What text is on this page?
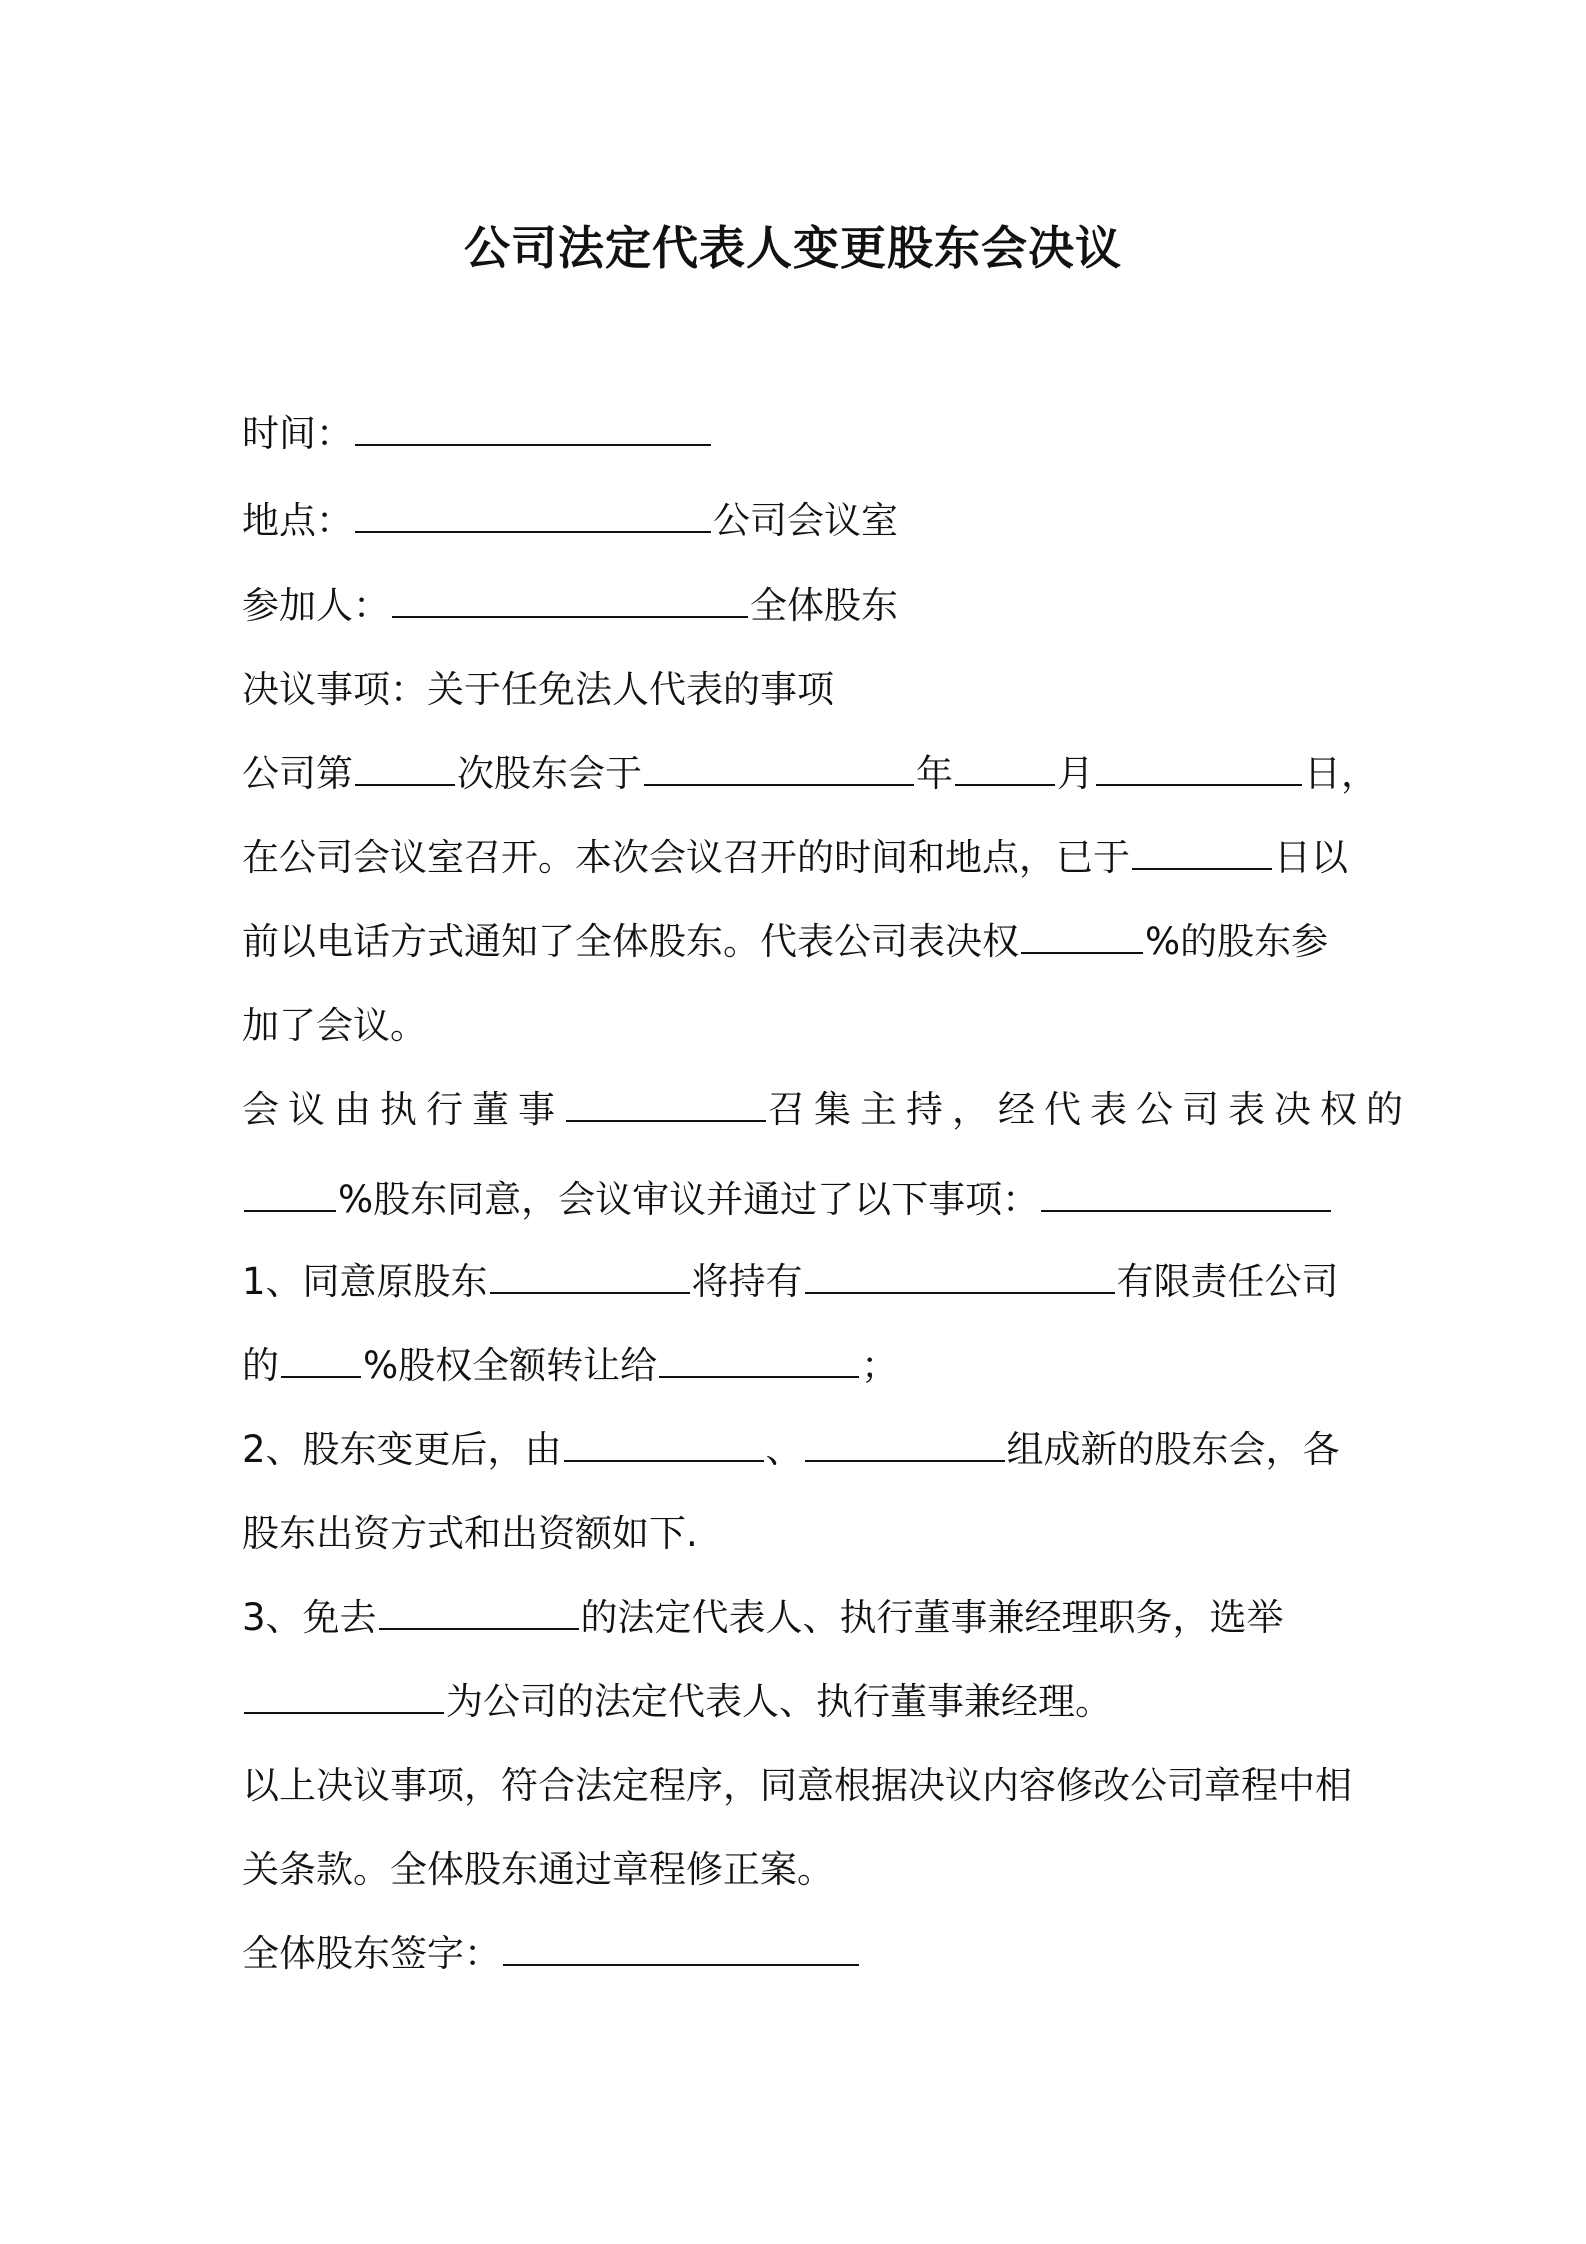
公司法定代表人变更股东会决议
时间：
地点：	公司会议室
参加人：	全体股东
决议事项：关于任免法人代表的事项
公司第	次股东会于	年	月	日，
在公司会议室召开。本次会议召开的时间和地点，已于	日以
前以电话方式通知了全体股东。代表公司表决权	%的股东参
加了会议。
会议由执行董事	召集主持，经代表公司表决权的
%股东同意，会议审议并通过了以下事项：
1、同意原股东	将持有	有限责任公司
的 %股权全额转让给	；
2、股东变更后，由	、	组成新的股东会，各
股东出资方式和出资额如下.
3、免去	的法定代表人、执行董事兼经理职务，选举
为公司的法定代表人、执行董事兼经理。
以上决议事项，符合法定程序，同意根据决议内容修改公司章程中相
关条款。全体股东通过章程修正案。
全体股东签字：
